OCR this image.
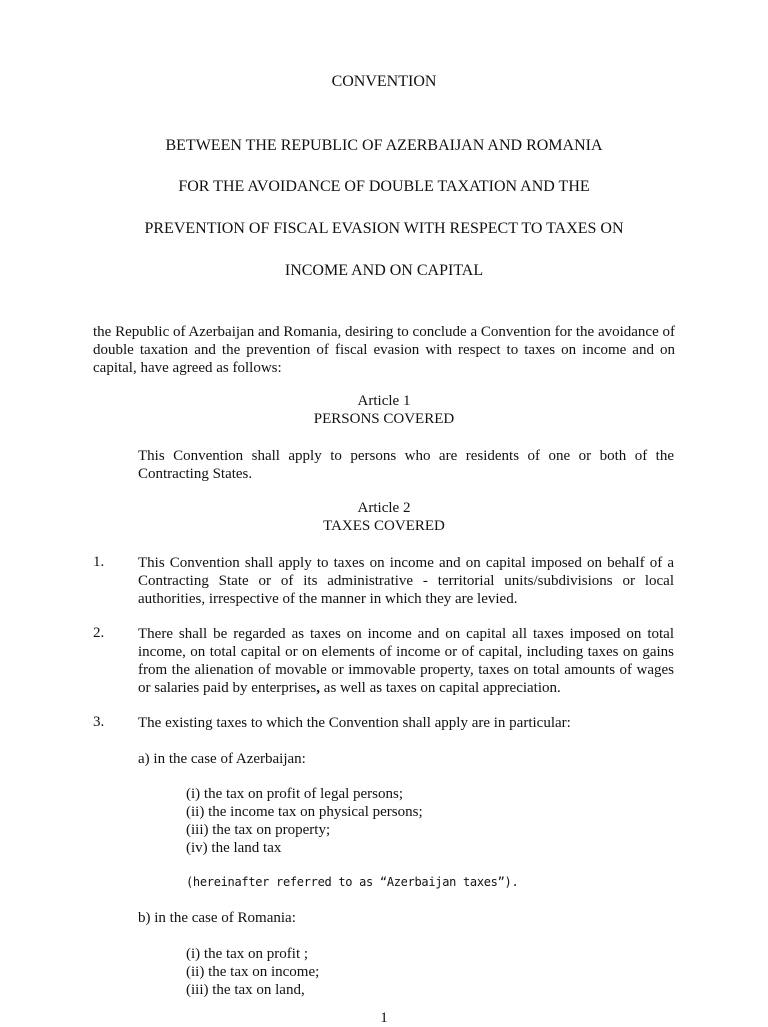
CONVENTION
BETWEEN THE REPUBLIC OF AZERBAIJAN AND ROMANIA
FOR THE AVOIDANCE OF DOUBLE TAXATION AND THE
PREVENTION OF FISCAL EVASION WITH RESPECT TO TAXES ON
INCOME AND ON CAPITAL
the Republic of Azerbaijan and Romania, desiring to conclude a Convention for the avoidance of double taxation and the prevention of fiscal evasion with respect to taxes on income and on capital, have agreed as follows:
Article 1
PERSONS COVERED
This Convention shall apply to persons who are residents of one or both of the Contracting States.
Article 2
TAXES COVERED
1. This Convention shall apply to taxes on income and on capital imposed on behalf of a Contracting State or of its administrative - territorial units/subdivisions or local authorities, irrespective of the manner in which they are levied.
2. There shall be regarded as taxes on income and on capital all taxes imposed on total income, on total capital or on elements of income or of capital, including taxes on gains from the alienation of movable or immovable property, taxes on total amounts of wages or salaries paid by enterprises, as well as taxes on capital appreciation.
3. The existing taxes to which the Convention shall apply are in particular:
a) in the case of Azerbaijan:
(i) the tax on profit of legal persons;
(ii) the income tax on physical persons;
(iii) the tax on property;
(iv) the land tax
(hereinafter referred to as “Azerbaijan taxes”).
b) in the case of Romania:
(i) the tax on profit ;
(ii) the tax on income;
(iii) the tax on land,
1
